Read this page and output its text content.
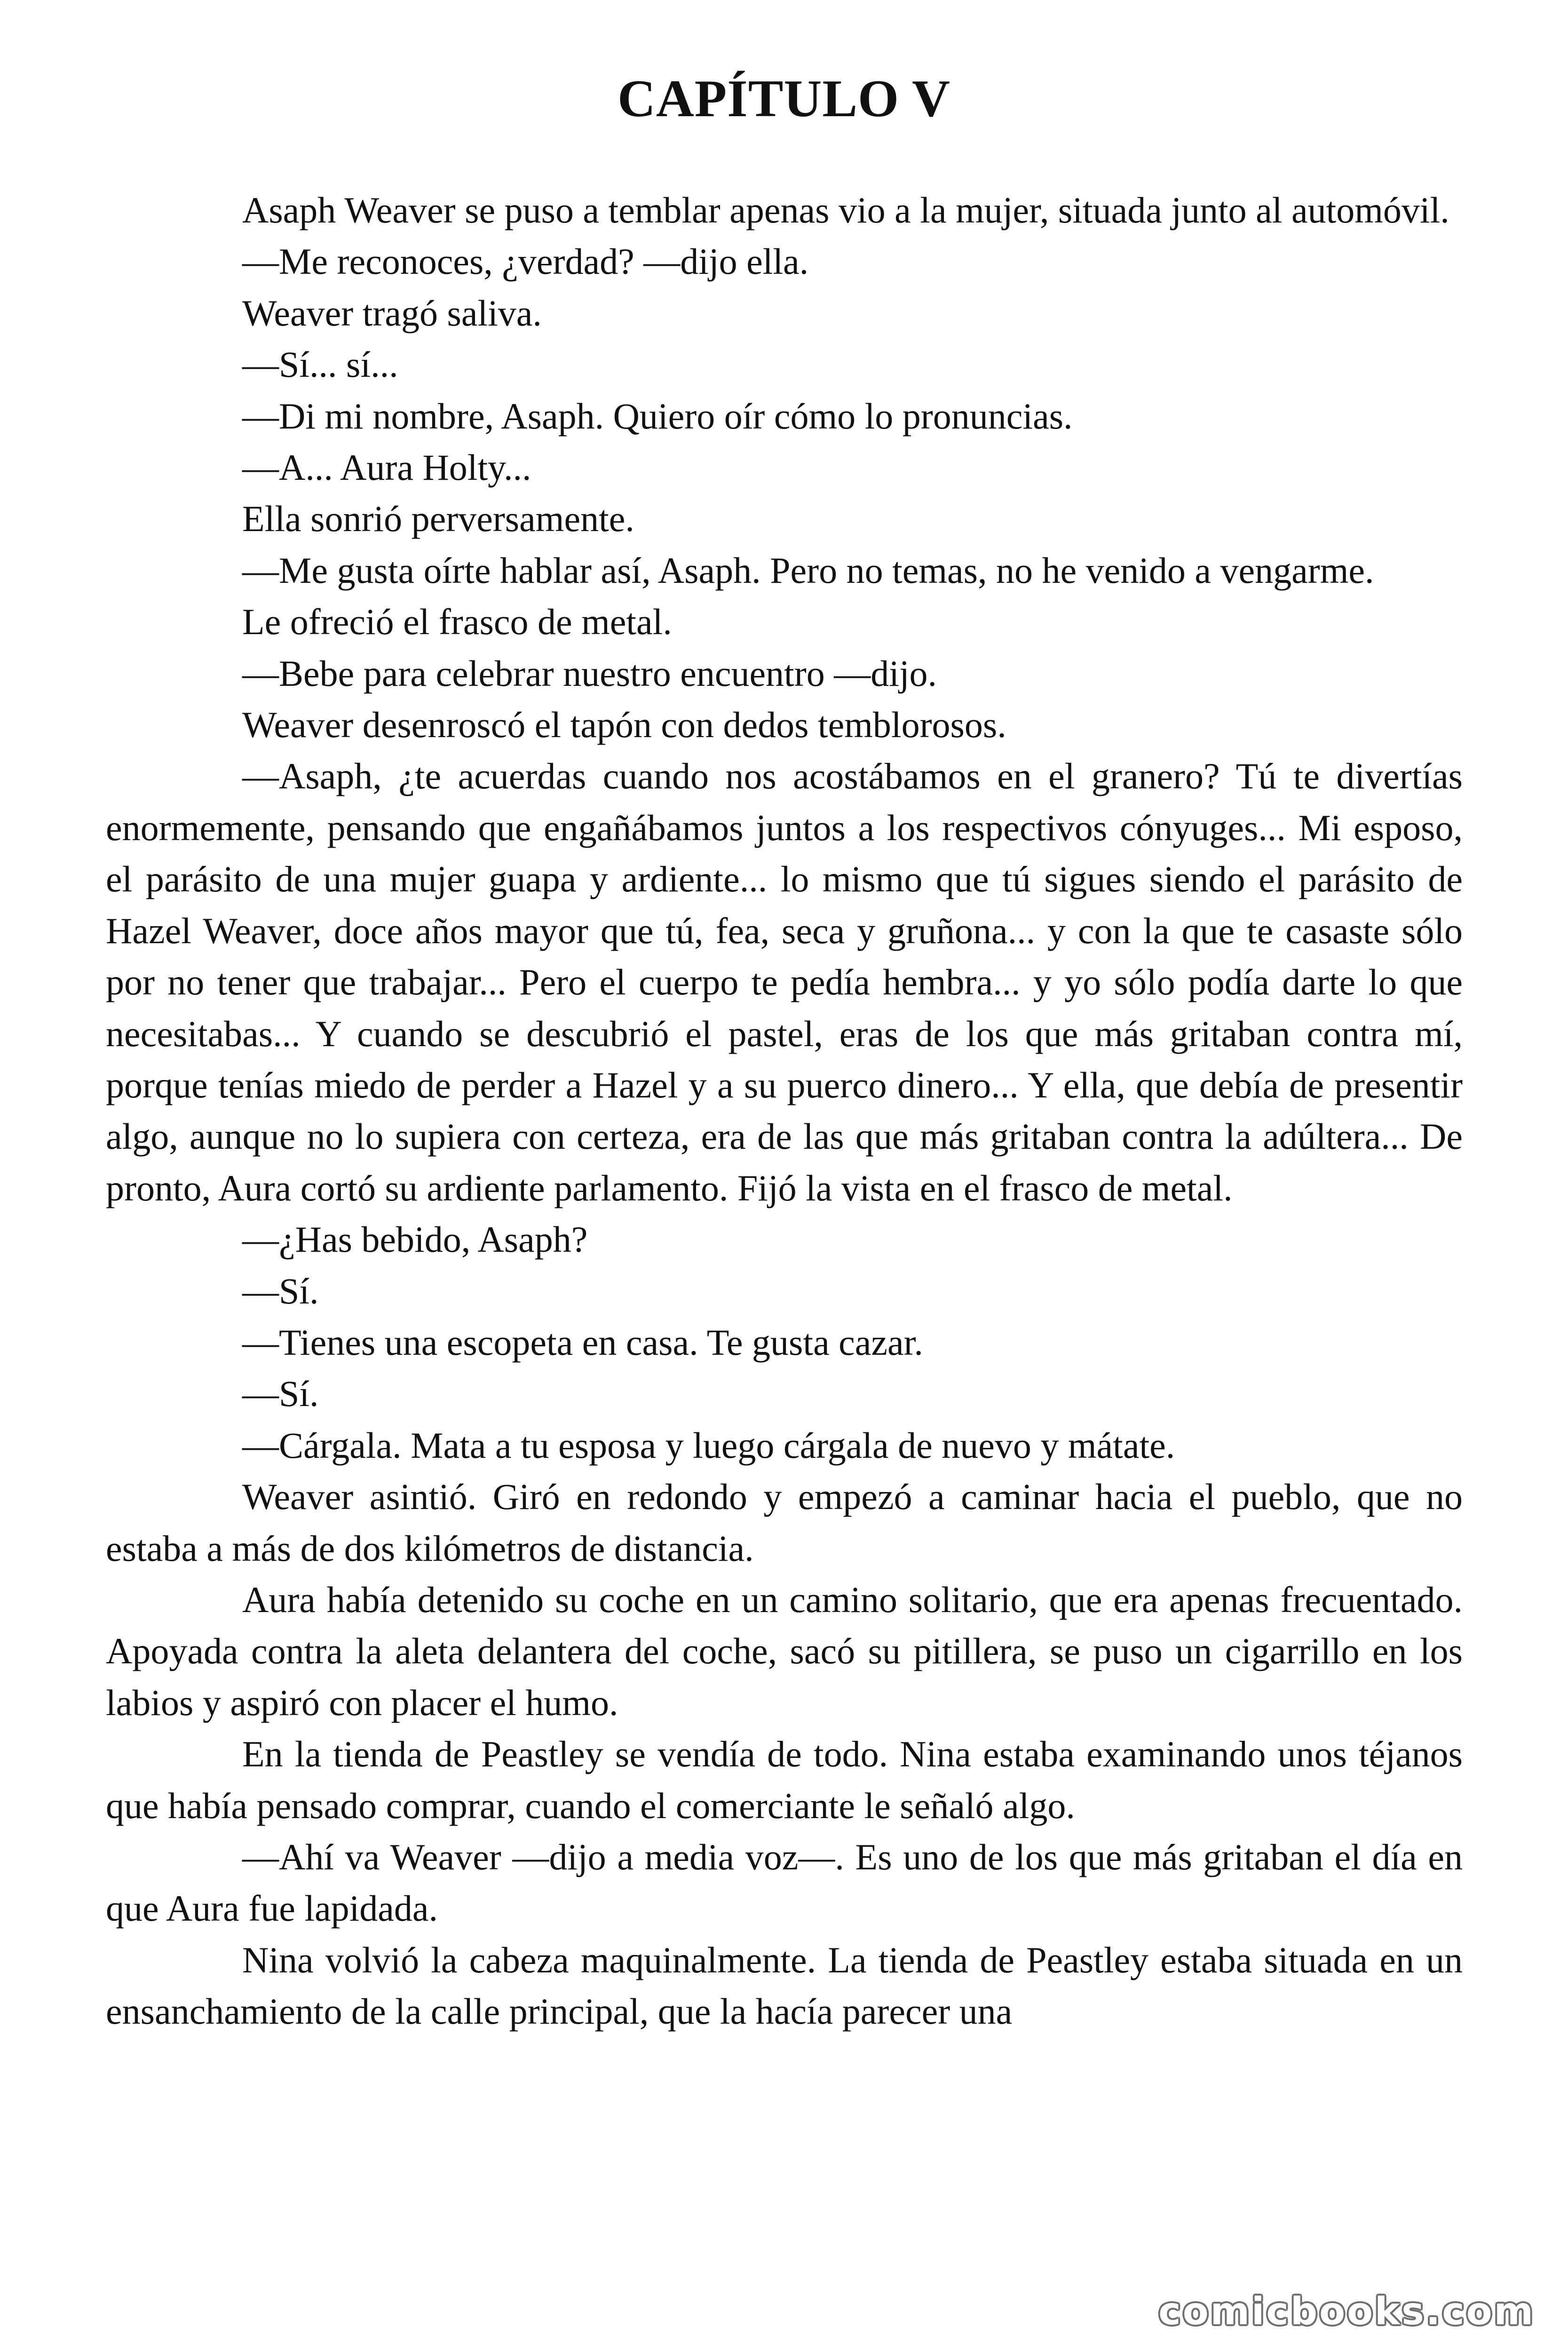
CAPÍTULO V

Asaph Weaver se puso a temblar apenas vio a la mujer, situada junto al automóvil.

—Me reconoces, ¿verdad? —dijo ella.

Weaver tragó saliva.

—Sí... sí...

—Di mi nombre, Asaph. Quiero oír cómo lo pronuncias.

—A... Aura Holty...

Ella sonrió perversamente.

—Me gusta oírte hablar así, Asaph. Pero no temas, no he venido a vengarme.

Le ofreció el frasco de metal.

—Bebe para celebrar nuestro encuentro —dijo.

Weaver desenroscó el tapón con dedos temblorosos.

—Asaph, ¿te acuerdas cuando nos acostábamos en el granero? Tú te divertías enormemente, pensando que engañábamos juntos a los respectivos cónyuges... Mi esposo, el parásito de una mujer guapa y ardiente... lo mismo que tú sigues siendo el parásito de Hazel Weaver, doce años mayor que tú, fea, seca y gruñona... y con la que te casaste sólo por no tener que trabajar... Pero el cuerpo te pedía hembra... y yo sólo podía darte lo que necesitabas... Y cuando se descubrió el pastel, eras de los que más gritaban contra mí, porque tenías miedo de perder a Hazel y a su puerco dinero... Y ella, que debía de presentir algo, aunque no lo supiera con certeza, era de las que más gritaban contra la adúltera... De pronto, Aura cortó su ardiente parlamento. Fijó la vista en el frasco de metal.

—¿Has bebido, Asaph?

—Sí.

—Tienes una escopeta en casa. Te gusta cazar.

—Sí.

—Cárgala. Mata a tu esposa y luego cárgala de nuevo y mátate.

Weaver asintió. Giró en redondo y empezó a caminar hacia el pueblo, que no estaba a más de dos kilómetros de distancia.

Aura había detenido su coche en un camino solitario, que era apenas frecuentado. Apoyada contra la aleta delantera del coche, sacó su pitillera, se puso un cigarrillo en los labios y aspiró con placer el humo.

En la tienda de Peastley se vendía de todo. Nina estaba examinando unos téjanos que había pensado comprar, cuando el comerciante le señaló algo.

—Ahí va Weaver —dijo a media voz—. Es uno de los que más gritaban el día en que Aura fue lapidada.

Nina volvió la cabeza maquinalmente. La tienda de Peastley estaba situada en un ensanchamiento de la calle principal, que la hacía parecer una

comicbooks.com
